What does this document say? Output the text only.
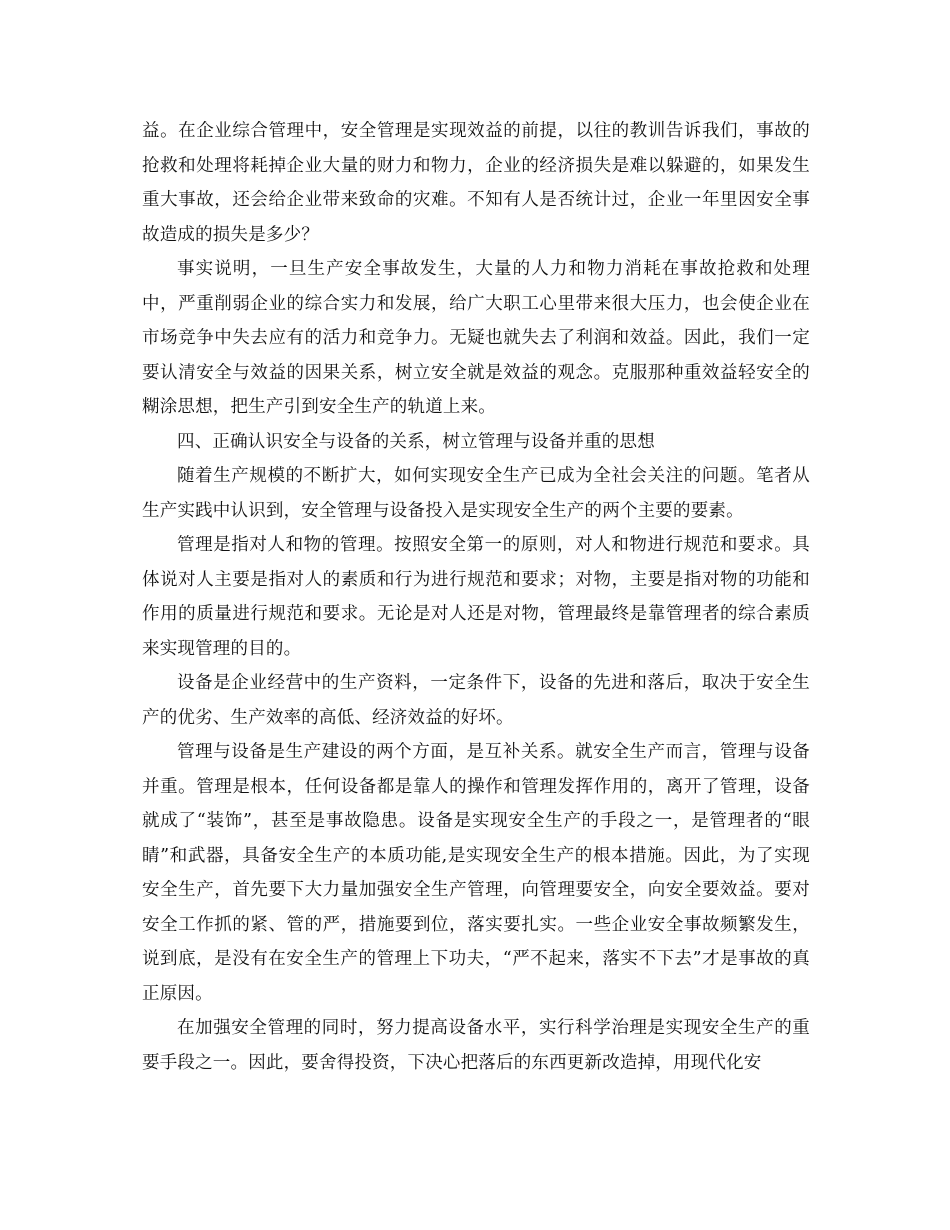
益。在企业综合管理中，安全管理是实现效益的前提，以往的教训告诉我们，事故的抢救和处理将耗掉企业大量的财力和物力，企业的经济损失是难以躲避的，如果发生重大事故，还会给企业带来致命的灾难。不知有人是否统计过，企业一年里因安全事故造成的损失是多少？

事实说明，一旦生产安全事故发生，大量的人力和物力消耗在事故抢救和处理中，严重削弱企业的综合实力和发展，给广大职工心里带来很大压力，也会使企业在市场竞争中失去应有的活力和竞争力。无疑也就失去了利润和效益。因此，我们一定要认清安全与效益的因果关系，树立安全就是效益的观念。克服那种重效益轻安全的糊涂思想，把生产引到安全生产的轨道上来。

四、正确认识安全与设备的关系，树立管理与设备并重的思想

随着生产规模的不断扩大，如何实现安全生产已成为全社会关注的问题。笔者从生产实践中认识到，安全管理与设备投入是实现安全生产的两个主要的要素。

管理是指对人和物的管理。按照安全第一的原则，对人和物进行规范和要求。具体说对人主要是指对人的素质和行为进行规范和要求；对物，主要是指对物的功能和作用的质量进行规范和要求。无论是对人还是对物，管理最终是靠管理者的综合素质来实现管理的目的。

设备是企业经营中的生产资料，一定条件下，设备的先进和落后，取决于安全生产的优劣、生产效率的高低、经济效益的好坏。

管理与设备是生产建设的两个方面，是互补关系。就安全生产而言，管理与设备并重。管理是根本，任何设备都是靠人的操作和管理发挥作用的，离开了管理，设备就成了“装饰”，甚至是事故隐患。设备是实现安全生产的手段之一，是管理者的“眼睛”和武器，具备安全生产的本质功能,是实现安全生产的根本措施。因此，为了实现安全生产，首先要下大力量加强安全生产管理，向管理要安全，向安全要效益。要对安全工作抓的紧、管的严，措施要到位，落实要扎实。一些企业安全事故频繁发生，说到底，是没有在安全生产的管理上下功夫，“严不起来，落实不下去”才是事故的真正原因。

在加强安全管理的同时，努力提高设备水平，实行科学治理是实现安全生产的重要手段之一。因此，要舍得投资，下决心把落后的东西更新改造掉，用现代化安
